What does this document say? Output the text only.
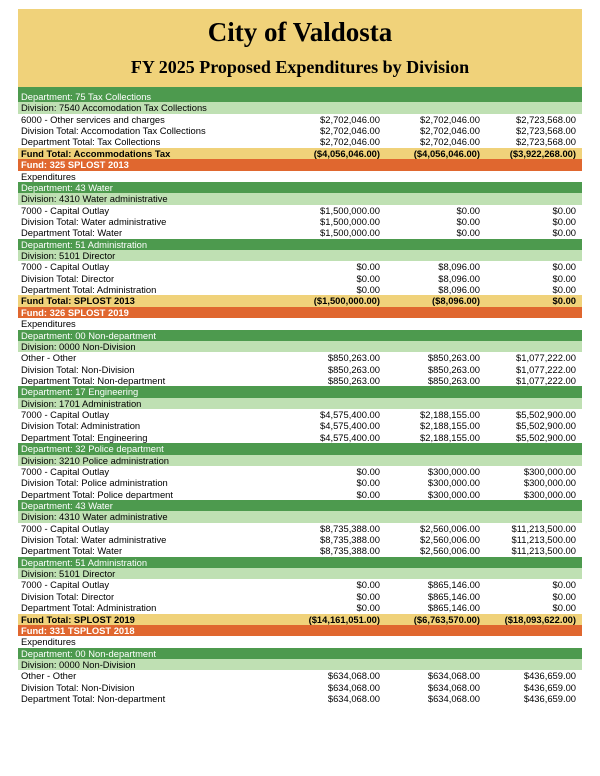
City of Valdosta
FY 2025 Proposed Expenditures by Division
Department: 75 Tax Collections
Division: 7540 Accomodation Tax Collections
6000 - Other services and charges	$2,702,046.00	$2,702,046.00	$2,723,568.00
Division Total: Accomodation Tax Collections	$2,702,046.00	$2,702,046.00	$2,723,568.00
Department Total: Tax Collections	$2,702,046.00	$2,702,046.00	$2,723,568.00
Fund Total: Accommodations Tax	($4,056,046.00)	($4,056,046.00)	($3,922,268.00)
Fund: 325 SPLOST 2013
Expenditures
Department: 43 Water
Division: 4310 Water administrative
7000 - Capital Outlay	$1,500,000.00	$0.00	$0.00
Division Total: Water administrative	$1,500,000.00	$0.00	$0.00
Department Total: Water	$1,500,000.00	$0.00	$0.00
Department: 51 Administration
Division: 5101 Director
7000 - Capital Outlay	$0.00	$8,096.00	$0.00
Division Total: Director	$0.00	$8,096.00	$0.00
Department Total: Administration	$0.00	$8,096.00	$0.00
Fund Total: SPLOST 2013	($1,500,000.00)	($8,096.00)	$0.00
Fund: 326 SPLOST 2019
Expenditures
Department: 00 Non-department
Division: 0000 Non-Division
Other - Other	$850,263.00	$850,263.00	$1,077,222.00
Division Total: Non-Division	$850,263.00	$850,263.00	$1,077,222.00
Department Total: Non-department	$850,263.00	$850,263.00	$1,077,222.00
Department: 17 Engineering
Division: 1701 Administration
7000 - Capital Outlay	$4,575,400.00	$2,188,155.00	$5,502,900.00
Division Total: Administration	$4,575,400.00	$2,188,155.00	$5,502,900.00
Department Total: Engineering	$4,575,400.00	$2,188,155.00	$5,502,900.00
Department: 32 Police department
Division: 3210 Police administration
7000 - Capital Outlay	$0.00	$300,000.00	$300,000.00
Division Total: Police administration	$0.00	$300,000.00	$300,000.00
Department Total: Police department	$0.00	$300,000.00	$300,000.00
Department: 43 Water
Division: 4310 Water administrative
7000 - Capital Outlay	$8,735,388.00	$2,560,006.00	$11,213,500.00
Division Total: Water administrative	$8,735,388.00	$2,560,006.00	$11,213,500.00
Department Total: Water	$8,735,388.00	$2,560,006.00	$11,213,500.00
Department: 51 Administration
Division: 5101 Director
7000 - Capital Outlay	$0.00	$865,146.00	$0.00
Division Total: Director	$0.00	$865,146.00	$0.00
Department Total: Administration	$0.00	$865,146.00	$0.00
Fund Total: SPLOST 2019	($14,161,051.00)	($6,763,570.00)	($18,093,622.00)
Fund: 331 TSPLOST 2018
Expenditures
Department: 00 Non-department
Division: 0000 Non-Division
Other - Other	$634,068.00	$634,068.00	$436,659.00
Division Total: Non-Division	$634,068.00	$634,068.00	$436,659.00
Department Total: Non-department	$634,068.00	$634,068.00	$436,659.00
